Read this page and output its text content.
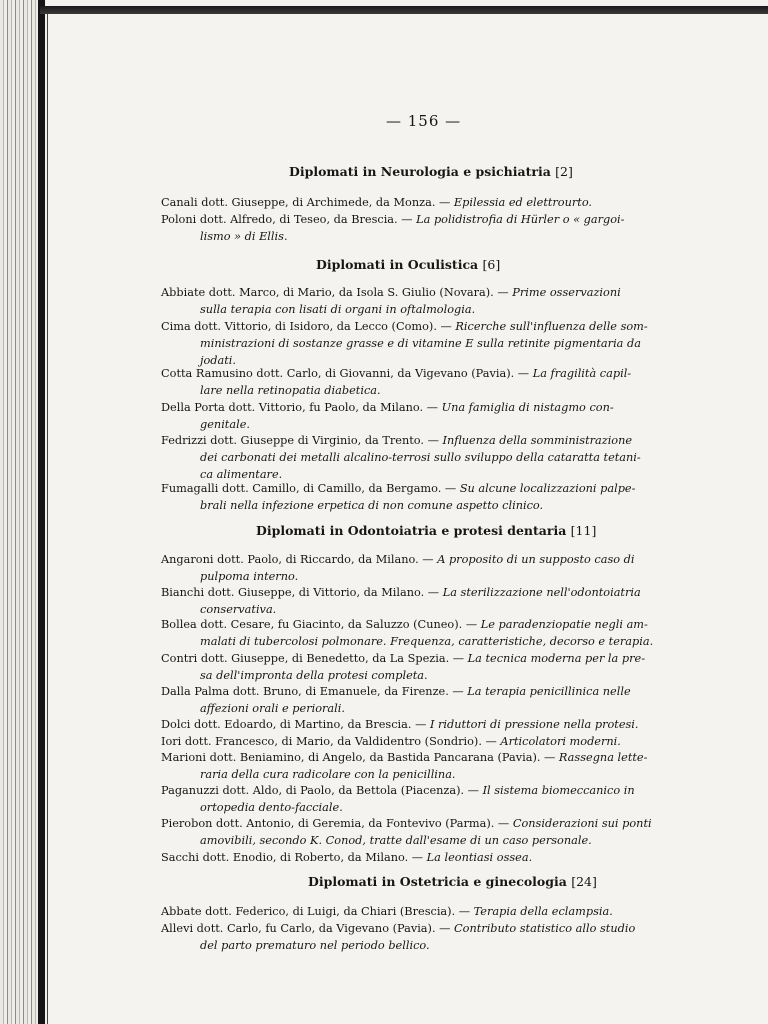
— 156 —
Diplomati in Neurologia e psichiatria [2]
Canali dott. Giuseppe, di Archimede, da Monza. — Epilessia ed elettrourto.
Poloni dott. Alfredo, di Teseo, da Brescia. — La polidistrofia di Hürler o « gargoi-
lismo » di Ellis.
Diplomati in Oculistica [6]
Abbiate dott. Marco, di Mario, da Isola S. Giulio (Novara). — Prime osservazioni
sulla terapia con lisati di organi in oftalmologia.
Cima dott. Vittorio, di Isidoro, da Lecco (Como). — Ricerche sull'influenza delle som-
ministrazioni di sostanze grasse e di vitamine E sulla retinite pigmentaria da
jodati.
Cotta Ramusino dott. Carlo, di Giovanni, da Vigevano (Pavia). — La fragilità capil-
lare nella retinopatia diabetica.
Della Porta dott. Vittorio, fu Paolo, da Milano. — Una famiglia di nistagmo con-
genitale.
Fedrizzi dott. Giuseppe di Virginio, da Trento. — Influenza della somministrazione
dei carbonati dei metalli alcalino-terrosi sullo sviluppo della cataratta tetani-
ca alimentare.
Fumagalli dott. Camillo, di Camillo, da Bergamo. — Su alcune localizzazioni palpe-
brali nella infezione erpetica di non comune aspetto clinico.
Diplomati in Odontoiatria e protesi dentaria [11]
Angaroni dott. Paolo, di Riccardo, da Milano. — A proposito di un supposto caso di
pulpoma interno.
Bianchi dott. Giuseppe, di Vittorio, da Milano. — La sterilizzazione nell'odontoiatria
conservativa.
Bollea dott. Cesare, fu Giacinto, da Saluzzo (Cuneo). — Le paradenziopatie negli am-
malati di tubercolosi polmonare. Frequenza, caratteristiche, decorso e terapia.
Contri dott. Giuseppe, di Benedetto, da La Spezia. — La tecnica moderna per la pre-
sa dell'impronta della protesi completa.
Dalla Palma dott. Bruno, di Emanuele, da Firenze. — La terapia penicillinica nelle
affezioni orali e periorali.
Dolci dott. Edoardo, di Martino, da Brescia. — I riduttori di pressione nella protesi.
Iori dott. Francesco, di Mario, da Valdidentro (Sondrio). — Articolatori moderni.
Marioni dott. Beniamino, di Angelo, da Bastida Pancarana (Pavia). — Rassegna lette-
raria della cura radicolare con la penicillina.
Paganuzzi dott. Aldo, di Paolo, da Bettola (Piacenza). — Il sistema biomeccanico in
ortopedia dento-facciale.
Pierobon dott. Antonio, di Geremia, da Fontevivo (Parma). — Considerazioni sui ponti
amovibili, secondo K. Conod, tratte dall'esame di un caso personale.
Sacchi dott. Enodio, di Roberto, da Milano. — La leontiasi ossea.
Diplomati in Ostetricia e ginecologia [24]
Abbate dott. Federico, di Luigi, da Chiari (Brescia). — Terapia della eclampsia.
Allevi dott. Carlo, fu Carlo, da Vigevano (Pavia). — Contributo statistico allo studio
del parto prematuro nel periodo bellico.
